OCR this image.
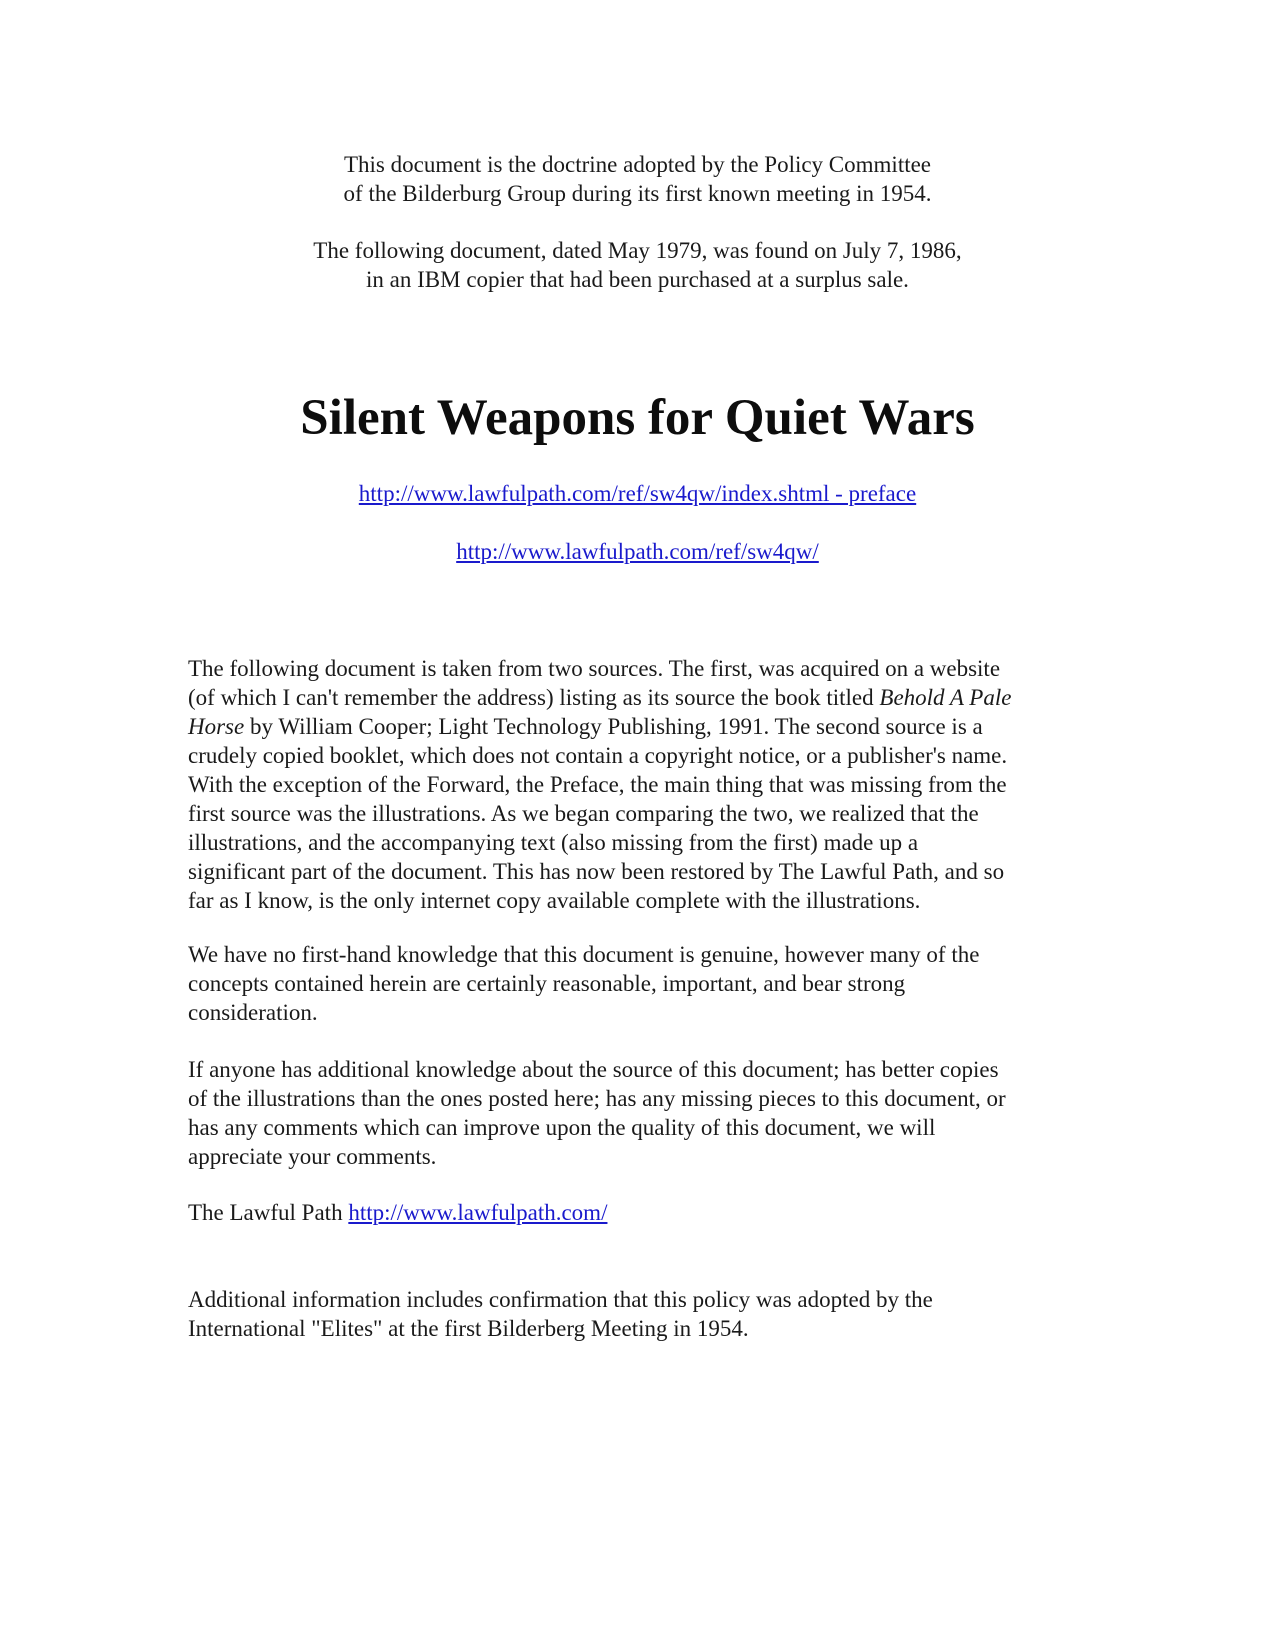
This document is the doctrine adopted by the Policy Committee
of the Bilderburg Group during its first known meeting in 1954.
The following document, dated May 1979, was found on July 7, 1986,
in an IBM copier that had been purchased at a surplus sale.
Silent Weapons for Quiet Wars
http://www.lawfulpath.com/ref/sw4qw/index.shtml - preface
http://www.lawfulpath.com/ref/sw4qw/
The following document is taken from two sources. The first, was acquired on a website
(of which I can't remember the address) listing as its source the book titled Behold A Pale
Horse by William Cooper; Light Technology Publishing, 1991. The second source is a
crudely copied booklet, which does not contain a copyright notice, or a publisher's name.
With the exception of the Forward, the Preface, the main thing that was missing from the
first source was the illustrations. As we began comparing the two, we realized that the
illustrations, and the accompanying text (also missing from the first) made up a
significant part of the document. This has now been restored by The Lawful Path, and so
far as I know, is the only internet copy available complete with the illustrations.
We have no first-hand knowledge that this document is genuine, however many of the
concepts contained herein are certainly reasonable, important, and bear strong
consideration.
If anyone has additional knowledge about the source of this document; has better copies
of the illustrations than the ones posted here; has any missing pieces to this document, or
has any comments which can improve upon the quality of this document, we will
appreciate your comments.
The Lawful Path http://www.lawfulpath.com/
Additional information includes confirmation that this policy was adopted by the
International "Elites" at the first Bilderberg Meeting in 1954.
